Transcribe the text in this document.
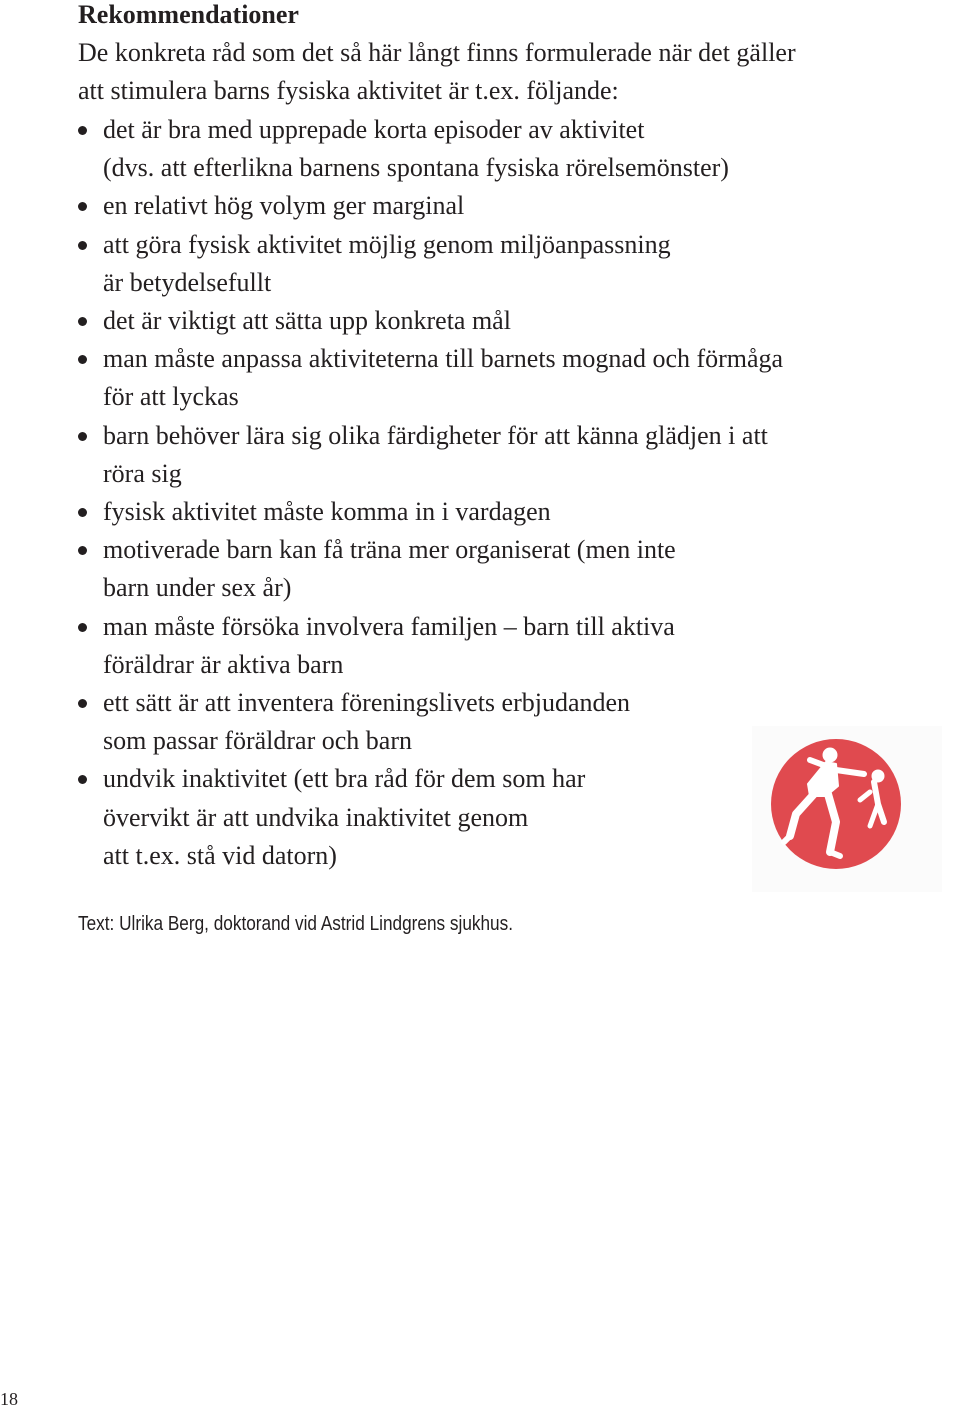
Rekommendationer

De konkreta råd som det så här långt finns formulerade när det gäller
att stimulera barns fysiska aktivitet är t.ex. följande:

det är bra med upprepade korta episoder av aktivitet
(dvs. att efterlikna barnens spontana fysiska rörelsemönster)
en relativt hög volym ger marginal
att göra fysisk aktivitet möjlig genom miljöanpassning
är betydelsefullt
det är viktigt att sätta upp konkreta mål
man måste anpassa aktiviteterna till barnets mognad och förmåga
för att lyckas
barn behöver lära sig olika färdigheter för att känna glädjen i att
röra sig
fysisk aktivitet måste komma in i vardagen
motiverade barn kan få träna mer organiserat (men inte
barn under sex år)
man måste försöka involvera familjen – barn till aktiva
föräldrar är aktiva barn
ett sätt är att inventera föreningslivets erbjudanden
som passar föräldrar och barn
undvik inaktivitet (ett bra råd för dem som har
övervikt är att undvika inaktivitet genom
att t.ex. stå vid datorn)

Text: Ulrika Berg, doktorand vid Astrid Lindgrens sjukhus.

18
